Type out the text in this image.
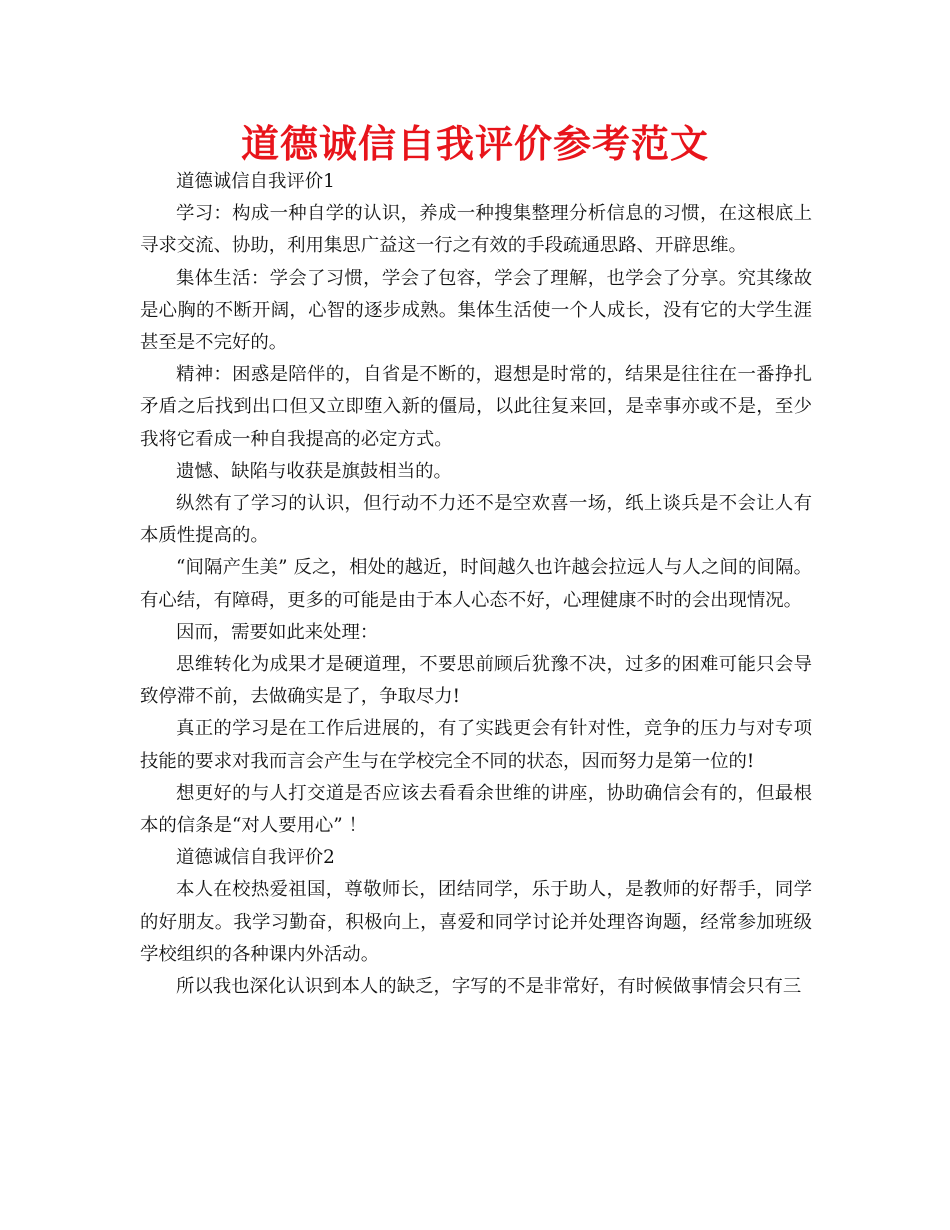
道德诚信自我评价参考范文

道德诚信自我评价1

学习：构成一种自学的认识，养成一种搜集整理分析信息的习惯，在这根底上寻求交流、协助，利用集思广益这一行之有效的手段疏通思路、开辟思维。

集体生活：学会了习惯，学会了包容，学会了理解，也学会了分享。究其缘故是心胸的不断开阔，心智的逐步成熟。集体生活使一个人成长，没有它的大学生涯甚至是不完好的。

精神：困惑是陪伴的，自省是不断的，遐想是时常的，结果是往往在一番挣扎矛盾之后找到出口但又立即堕入新的僵局，以此往复来回，是幸事亦或不是，至少我将它看成一种自我提高的必定方式。

遗憾、缺陷与收获是旗鼓相当的。

纵然有了学习的认识，但行动不力还不是空欢喜一场，纸上谈兵是不会让人有本质性提高的。

“间隔产生美” 反之，相处的越近，时间越久也许越会拉远人与人之间的间隔。有心结，有障碍，更多的可能是由于本人心态不好，心理健康不时的会出现情况。

因而，需要如此来处理：

思维转化为成果才是硬道理，不要思前顾后犹豫不决，过多的困难可能只会导致停滞不前，去做确实是了，争取尽力!

真正的学习是在工作后进展的，有了实践更会有针对性，竞争的压力与对专项技能的要求对我而言会产生与在学校完全不同的状态，因而努力是第一位的!

想更好的与人打交道是否应该去看看余世维的讲座，协助确信会有的，但最根本的信条是“对人要用心” ！

道德诚信自我评价2

本人在校热爱祖国，尊敬师长，团结同学，乐于助人，是教师的好帮手，同学的好朋友。我学习勤奋，积极向上，喜爱和同学讨论并处理咨询题，经常参加班级学校组织的各种课内外活动。

所以我也深化认识到本人的缺乏，字写的不是非常好，有时候做事情会只有三
